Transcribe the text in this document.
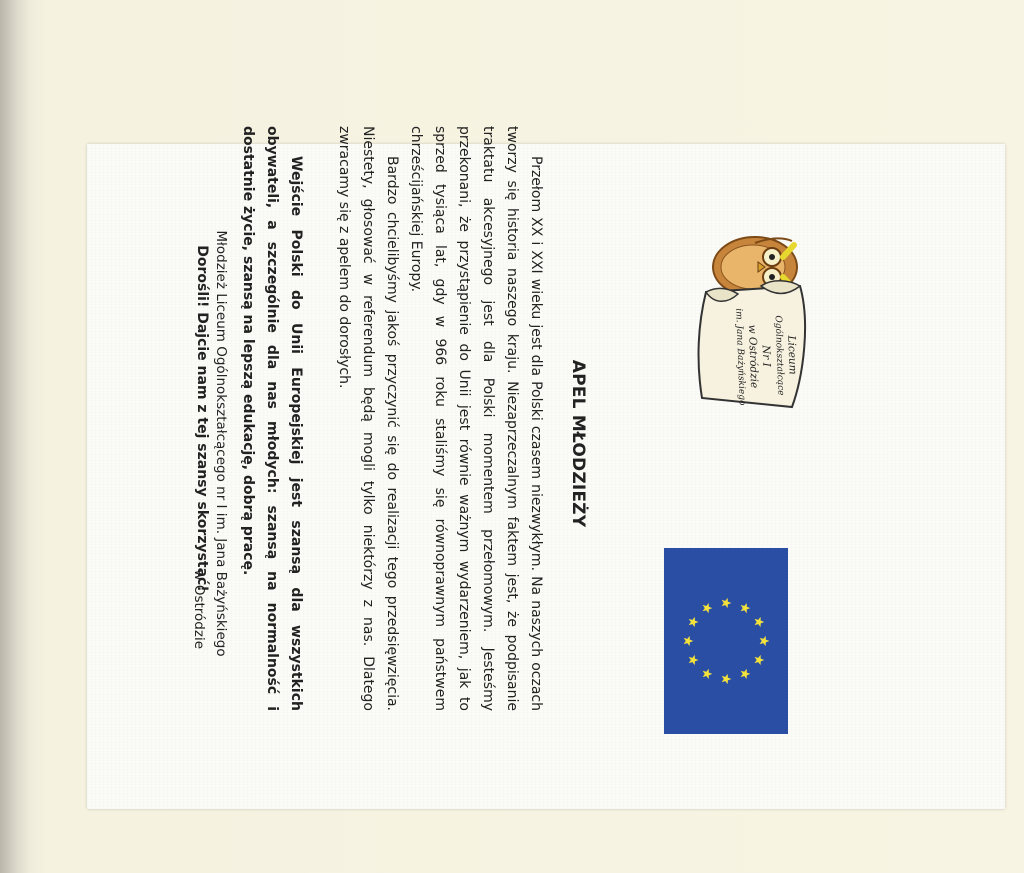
Liceum
Ogólnokształcące
Nr I
w Ostródzie
im. Jana Bażyńskiego
APEL MŁODZIEŻY

Przełom XX i XXI wieku jest dla Polski czasem niezwykłym. Na naszych oczach tworzy się historia naszego kraju. Niezaprzeczalnym faktem jest, że podpisanie traktatu akcesyjnego jest dla Polski momentem przełomowym. Jesteśmy przekonani, że przystąpienie do Unii jest równie ważnym wydarzeniem, jak to sprzed tysiąca lat, gdy w 966 roku staliśmy się równoprawnym państwem chrześcijańskiej Europy.

Bardzo chcielibyśmy jakoś przyczynić się do realizacji tego przedsięwzięcia. Niestety, głosować w referendum będą mogli tylko niektórzy z nas. Dlatego zwracamy się z apelem do dorosłych.

Wejście Polski do Unii Europejskiej jest szansą dla wszystkich obywateli, a szczególnie dla nas młodych: szansą na normalność i dostatnie życie, szansą na lepszą edukację, dobrą pracę.

Dorośli! Dajcie nam z tej szansy skorzystać! Młodzież Liceum Ogólnokształcącego nr I im. Jana Bażyńskiego
w Ostródzie
